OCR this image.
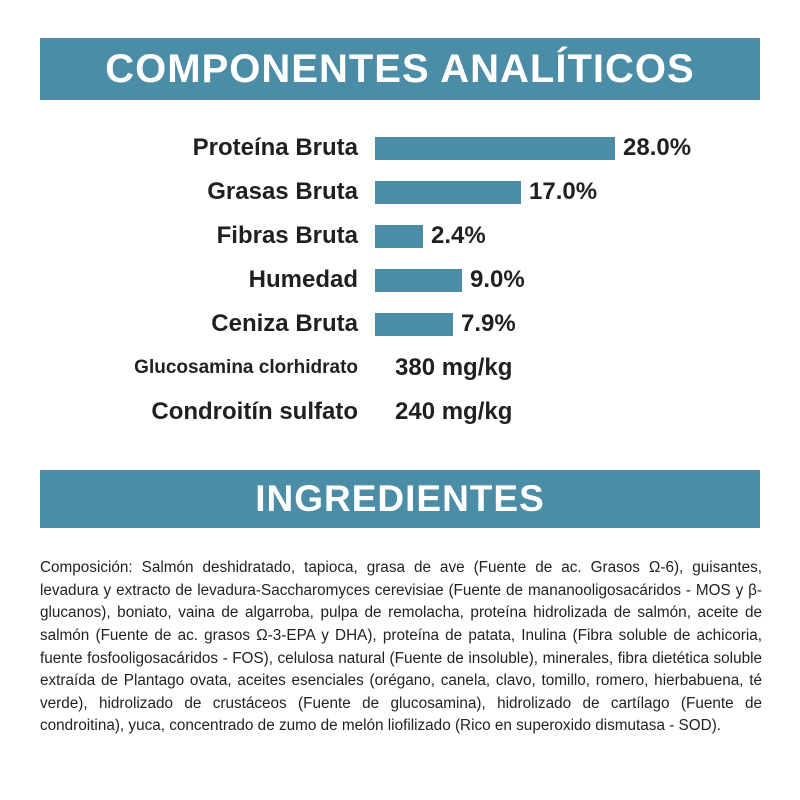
COMPONENTES ANALÍTICOS
Proteína Bruta	28.0%
Grasas Bruta	17.0%
Fibras Bruta	2.4%
Humedad	9.0%
Ceniza Bruta	7.9%
Glucosamina clorhidrato	380 mg/kg
Condroitín sulfato	240 mg/kg
INGREDIENTES

Composición: Salmón deshidratado, tapioca, grasa de ave (Fuente de ac. Grasos Ω-6), guisantes, levadura y extracto de levadura-Saccharomyces cerevisiae (Fuente de mananooligosacáridos - MOS y β-glucanos), boniato, vaina de algarroba, pulpa de remolacha, proteína hidrolizada de salmón, aceite de salmón (Fuente de ac. grasos Ω-3-EPA y DHA), proteína de patata, Inulina (Fibra soluble de achicoria, fuente fosfooligosacáridos - FOS), celulosa natural (Fuente de insoluble), minerales, fibra dietética soluble extraída de Plantago ovata, aceites esenciales (orégano, canela, clavo, tomillo, romero, hierbabuena, té verde), hidrolizado de crustáceos (Fuente de glucosamina), hidrolizado de cartílago (Fuente de condroitina), yuca, concentrado de zumo de melón liofilizado (Rico en superoxido dismutasa - SOD).
